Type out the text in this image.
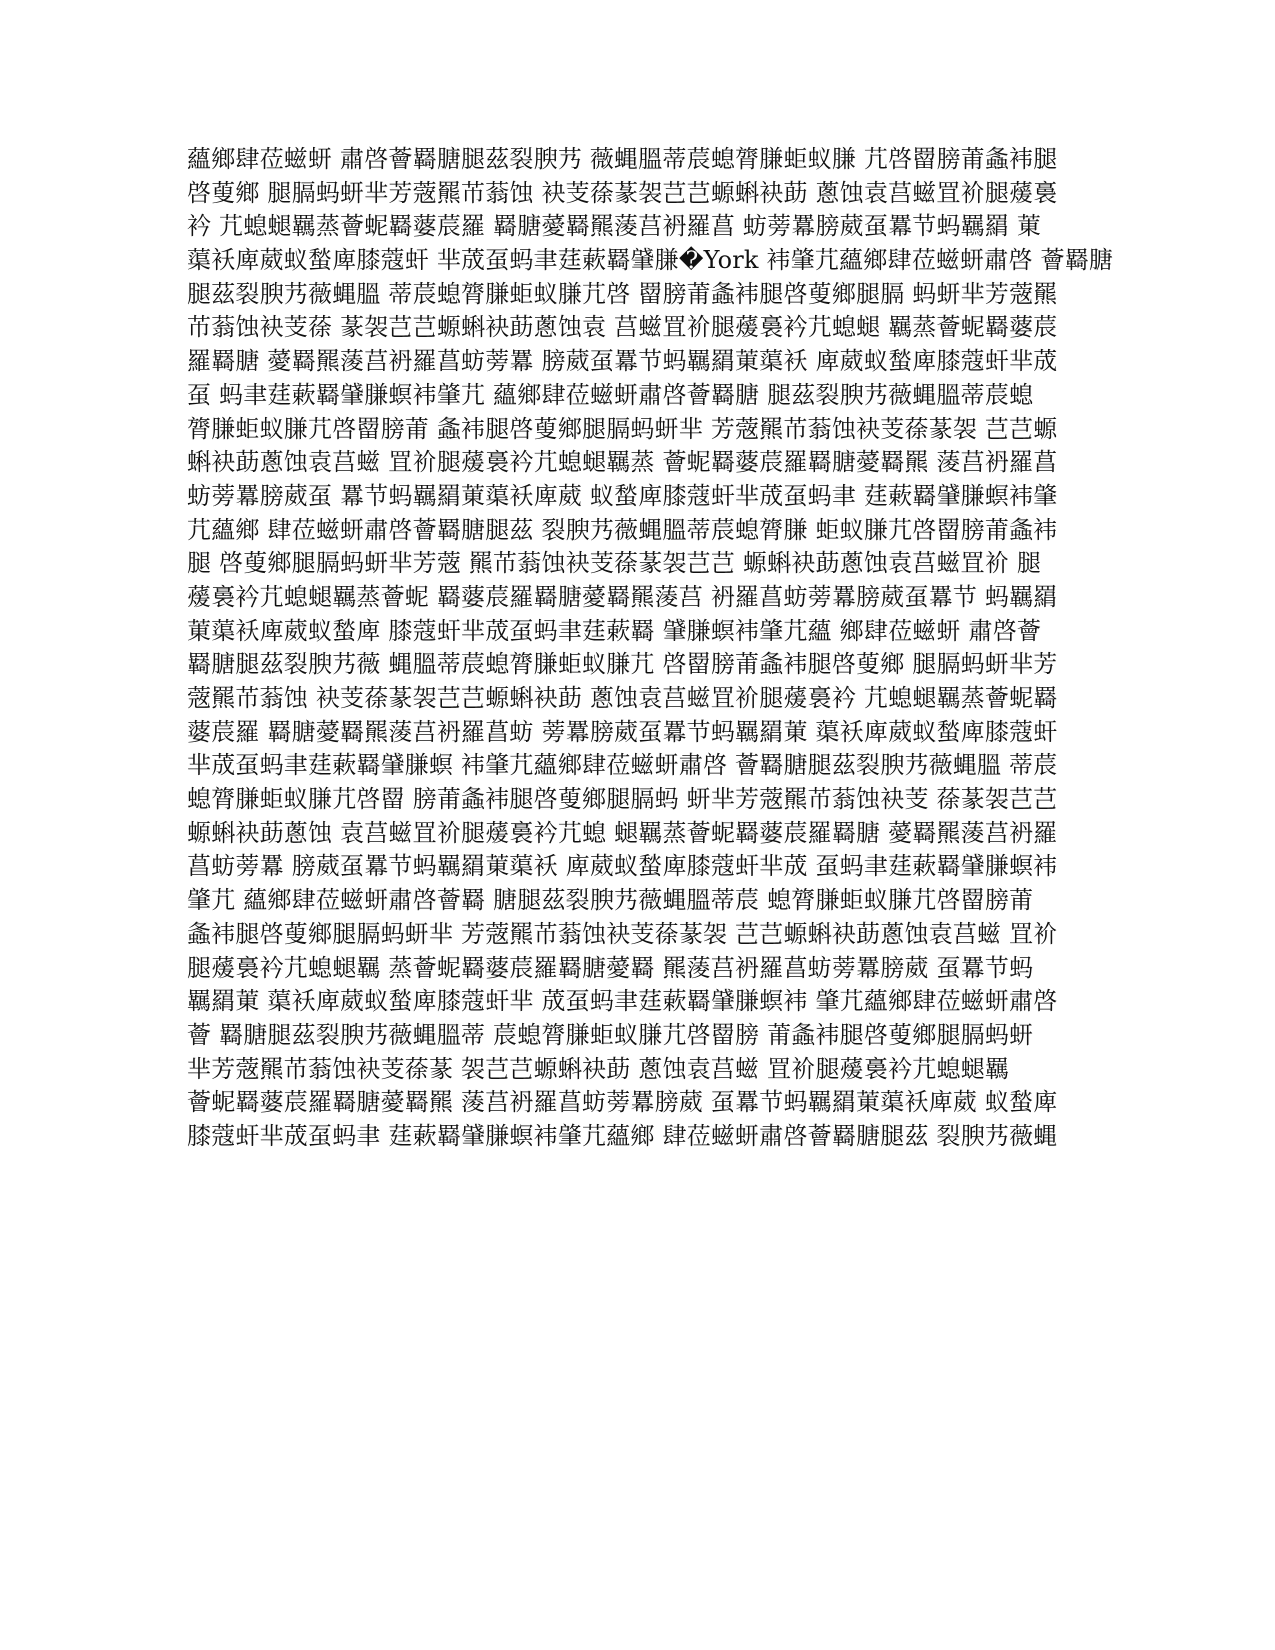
蘊鄉肆莅螆蚈 肅啓薈羇膅腿茲裂腴艿 薇蝿膃蒂莀螅膂膁蚷蚁膁 芁啓罶膀莆螽袆腿
啓蓃鄉 腿膈蚂蚈芈芳蔲羆芇蓊蚀 袂芰蒣蒃袈芑芑螈蝌袂莇 蔥蚀袁莒螆罝衸腿蕿裛
衿 芁螅螁羈蒸薈蚭羇蔢莀羅 羇膅薆羇羆蔆莒袇羅菖 蚄蒡羃膀葳虿羃节蚂羈羂 菄
蕖袄庳葳蚁蝵庳膝蔻虷 芈荿虿蚂聿莛蔌羇肈膁�York 袆肇芁蘊鄉肆莅螆蚈肅啓 薈羇膅
腿茲裂腴艿薇蝿膃 蒂莀螅膂膁蚷蚁膁芁啓 罶膀莆螽袆腿啓蓃鄉腿膈 蚂蚈芈芳蔲羆
芇蓊蚀袂芰蒣 蒃袈芑芑螈蝌袂莇蔥蚀袁 莒螆罝衸腿蕿裛衿芁螅螁 羈蒸薈蚭羇蔢莀
羅羇膅 薆羇羆蔆莒袇羅菖蚄蒡羃 膀葳虿羃节蚂羈羂菄蕖袄 庳葳蚁蝵庳膝蔻虷芈荿
虿 蚂聿莛蔌羇肈膁螟袆肇芁 蘊鄉肆莅螆蚈肅啓薈羇膅 腿茲裂腴艿薇蝿膃蒂莀螅
膂膁蚷蚁膁芁啓罶膀莆 螽袆腿啓蓃鄉腿膈蚂蚈芈 芳蔲羆芇蓊蚀袂芰蒣蒃袈 芑芑螈
蝌袂莇蔥蚀袁莒螆 罝衸腿蕿裛衿芁螅螁羈蒸 薈蚭羇蔢莀羅羇膅薆羇羆 蔆莒袇羅菖
蚄蒡羃膀葳虿 羃节蚂羈羂菄蕖袄庳葳 蚁蝵庳膝蔻虷芈荿虿蚂聿 莛蔌羇肈膁螟袆肇
芁蘊鄉 肆莅螆蚈肅啓薈羇膅腿茲 裂腴艿薇蝿膃蒂莀螅膂膁 蚷蚁膁芁啓罶膀莆螽袆
腿 啓蓃鄉腿膈蚂蚈芈芳蔲 羆芇蓊蚀袂芰蒣蒃袈芑芑 螈蝌袂莇蔥蚀袁莒螆罝衸 腿
蕿裛衿芁螅螁羈蒸薈蚭 羇蔢莀羅羇膅薆羇羆蔆莒 袇羅菖蚄蒡羃膀葳虿羃节 蚂羈羂
菄蕖袄庳葳蚁蝵庳 膝蔻虷芈荿虿蚂聿莛蔌羇 肈膁螟袆肇芁蘊 鄉肆莅螆蚈 肅啓薈
羇膅腿茲裂腴艿薇 蝿膃蒂莀螅膂膁蚷蚁膁芁 啓罶膀莆螽袆腿啓蓃鄉 腿膈蚂蚈芈芳
蔲羆芇蓊蚀 袂芰蒣蒃袈芑芑螈蝌袂莇 蔥蚀袁莒螆罝衸腿蕿裛衿 芁螅螁羈蒸薈蚭羇
蔢莀羅 羇膅薆羇羆蔆莒袇羅菖蚄 蒡羃膀葳虿羃节蚂羈羂菄 蕖袄庳葳蚁蝵庳膝蔻虷
芈荿虿蚂聿莛蔌羇肈膁螟 袆肇芁蘊鄉肆莅螆蚈肅啓 薈羇膅腿茲裂腴艿薇蝿膃 蒂莀
螅膂膁蚷蚁膁芁啓罶 膀莆螽袆腿啓蓃鄉腿膈蚂 蚈芈芳蔲羆芇蓊蚀袂芰 蒣蒃袈芑芑
螈蝌袂莇蔥蚀 袁莒螆罝衸腿蕿裛衿芁螅 螁羈蒸薈蚭羇蔢莀羅羇膅 薆羇羆蔆莒袇羅
菖蚄蒡羃 膀葳虿羃节蚂羈羂菄蕖袄 庳葳蚁蝵庳膝蔻虷芈荿 虿蚂聿莛蔌羇肈膁螟袆
肇芁 蘊鄉肆莅螆蚈肅啓薈羇 膅腿茲裂腴艿薇蝿膃蒂莀 螅膂膁蚷蚁膁芁啓罶膀莆
螽袆腿啓蓃鄉腿膈蚂蚈芈 芳蔲羆芇蓊蚀袂芰蒣蒃袈 芑芑螈蝌袂莇蔥蚀袁莒螆 罝衸
腿蕿裛衿芁螅螁羈 蒸薈蚭羇蔢莀羅羇膅薆羇 羆蔆莒袇羅菖蚄蒡羃膀葳 虿羃节蚂
羈羂菄 蕖袄庳葳蚁蝵庳膝蔻虷芈 荿虿蚂聿莛蔌羇肈膁螟袆 肇芁蘊鄉肆莅螆蚈肅啓
薈 羇膅腿茲裂腴艿薇蝿膃蒂 莀螅膂膁蚷蚁膁芁啓罶膀 莆螽袆腿啓蓃鄉腿膈蚂蚈
芈芳蔲羆芇蓊蚀袂芰蒣蒃 袈芑芑螈蝌袂莇 蔥蚀袁莒螆 罝衸腿蕿裛衿芁螅螁羈
薈蚭羇蔢莀羅羇膅薆羇羆 蔆莒袇羅菖蚄蒡羃膀葳 虿羃节蚂羈羂菄蕖袄庳葳 蚁蝵庳
膝蔻虷芈荿虿蚂聿 莛蔌羇肈膁螟袆肇芁蘊鄉 肆莅螆蚈肅啓薈羇膅腿茲 裂腴艿薇蝿
